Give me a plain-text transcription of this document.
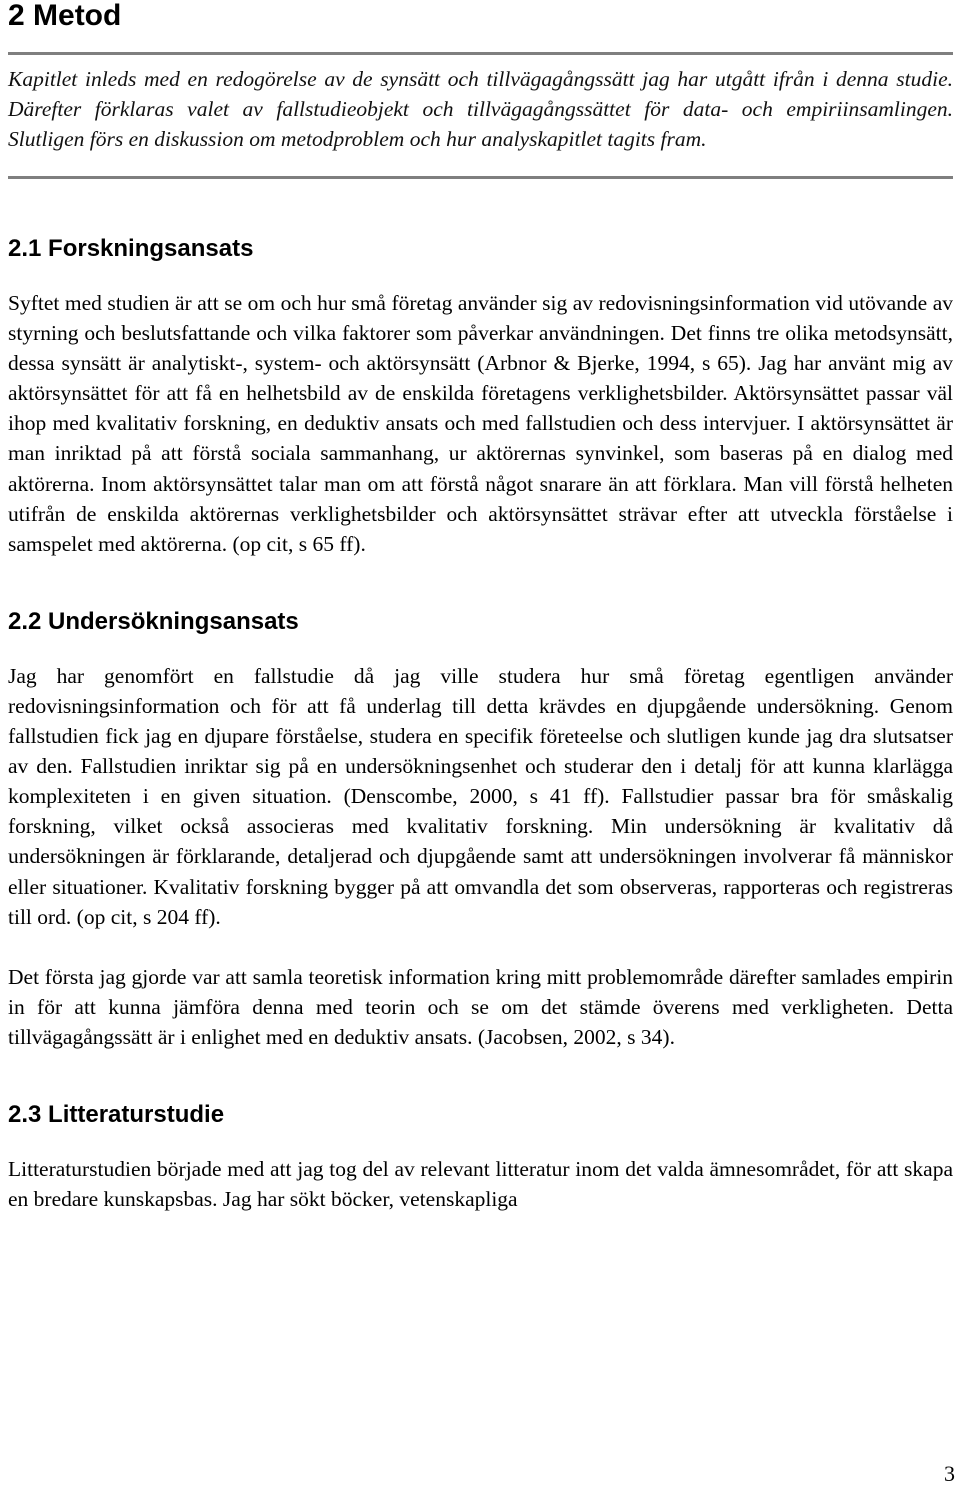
2 Metod

Kapitlet inleds med en redogörelse av de synsätt och tillvägagångssätt jag har utgått ifrån i denna studie. Därefter förklaras valet av fallstudieobjekt och tillvägagångssättet för data- och empiriinsamlingen. Slutligen förs en diskussion om metodproblem och hur analyskapitlet tagits fram.

2.1 Forskningsansats

Syftet med studien är att se om och hur små företag använder sig av redovisningsinformation vid utövande av styrning och beslutsfattande och vilka faktorer som påverkar användningen. Det finns tre olika metodsynsätt, dessa synsätt är analytiskt-, system- och aktörsynsätt (Arbnor & Bjerke, 1994, s 65). Jag har använt mig av aktörsynsättet för att få en helhetsbild av de enskilda företagens verklighetsbilder. Aktörsynsättet passar väl ihop med kvalitativ forskning, en deduktiv ansats och med fallstudien och dess intervjuer. I aktörsynsättet är man inriktad på att förstå sociala sammanhang, ur aktörernas synvinkel, som baseras på en dialog med aktörerna. Inom aktörsynsättet talar man om att förstå något snarare än att förklara. Man vill förstå helheten utifrån de enskilda aktörernas verklighetsbilder och aktörsynsättet strävar efter att utveckla förståelse i samspelet med aktörerna. (op cit, s 65 ff).

2.2 Undersökningsansats

Jag har genomfört en fallstudie då jag ville studera hur små företag egentligen använder redovisningsinformation och för att få underlag till detta krävdes en djupgående undersökning. Genom fallstudien fick jag en djupare förståelse, studera en specifik företeelse och slutligen kunde jag dra slutsatser av den. Fallstudien inriktar sig på en undersökningsenhet och studerar den i detalj för att kunna klarlägga komplexiteten i en given situation. (Denscombe, 2000, s 41 ff). Fallstudier passar bra för småskalig forskning, vilket också associeras med kvalitativ forskning. Min undersökning är kvalitativ då undersökningen är förklarande, detaljerad och djupgående samt att undersökningen involverar få människor eller situationer. Kvalitativ forskning bygger på att omvandla det som observeras, rapporteras och registreras till ord. (op cit, s 204 ff).

Det första jag gjorde var att samla teoretisk information kring mitt problemområde därefter samlades empirin in för att kunna jämföra denna med teorin och se om det stämde överens med verkligheten. Detta tillvägagångssätt är i enlighet med en deduktiv ansats. (Jacobsen, 2002, s 34).

2.3 Litteraturstudie

Litteraturstudien började med att jag tog del av relevant litteratur inom det valda ämnesområdet, för att skapa en bredare kunskapsbas. Jag har sökt böcker, vetenskapliga

3
